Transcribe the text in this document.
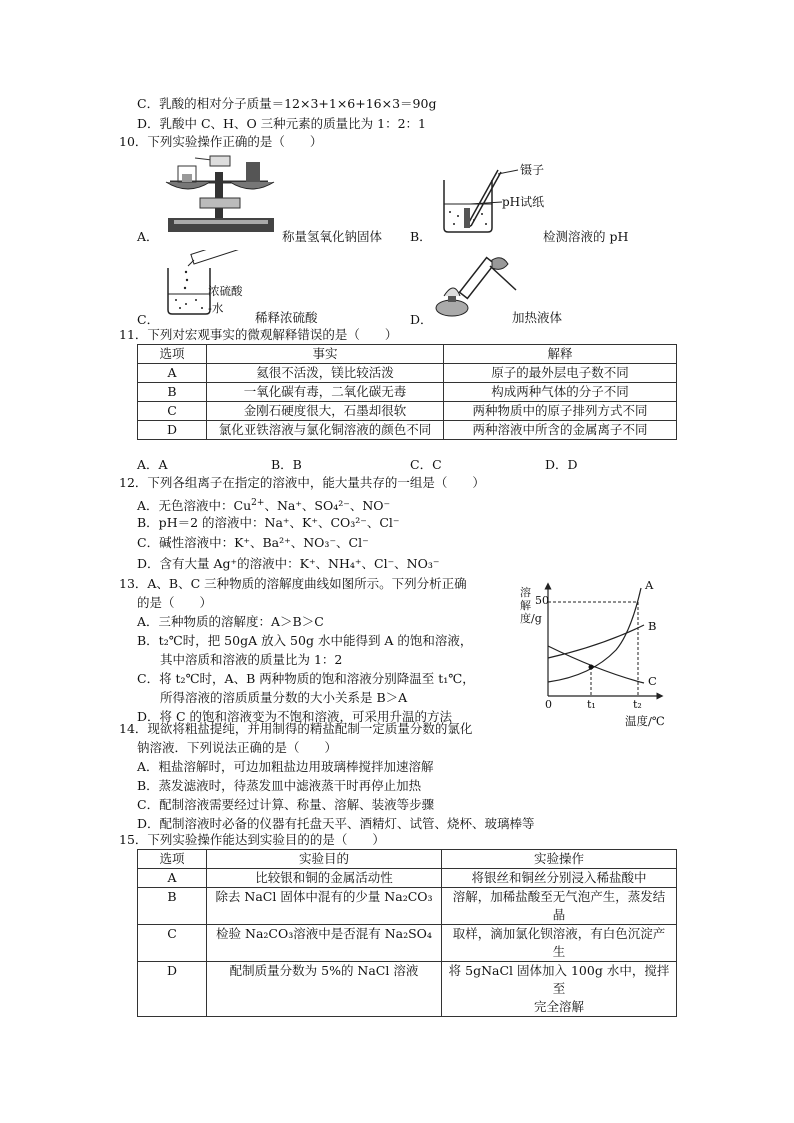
C．乳酸的相对分子质量＝12×3+1×6+16×3＝90g
D．乳酸中 C、H、O 三种元素的质量比为 1：2：1
10．下列实验操作正确的是（　　）
A．	称量氢氧化钠固体
镊子
pH试纸
B．	检测溶液的 pH
浓硫酸
-水
C．	稀释浓硫酸	D．	加热液体
11．下列对宏观事实的微观解释错误的是（　　）
选项	事实	解释
A	氦很不活泼，镁比较活泼	原子的最外层电子数不同
B	一氧化碳有毒，二氧化碳无毒	构成两种气体的分子不同
C	金刚石硬度很大，石墨却很软	两种物质中的原子排列方式不同
D	氯化亚铁溶液与氯化铜溶液的颜色不同	两种溶液中所含的金属离子不同
A．A	B．B	C．C	D．D
12．下列各组离子在指定的溶液中，能大量共存的一组是（　　）
A．无色溶液中：$Cu^{2+}$、Na⁺、SO₄²⁻、NO⁻
B．pH＝2 的溶液中：Na⁺、K⁺、CO₃²⁻、Cl⁻
C．碱性溶液中：K⁺、Ba²⁺、NO₃⁻、Cl⁻
D．含有大量 Ag⁺的溶液中：K⁺、NH₄⁺、Cl⁻、NO₃⁻
13．A、B、C 三种物质的溶解度曲线如图所示。下列分析正确
的是（　　）
A．三种物质的溶解度：A＞B＞C
B．t₂℃时，把 50gA 放入 50g 水中能得到 A 的饱和溶液，
其中溶质和溶液的质量比为 1：2
C．将 t₂℃时，A、B 两种物质的饱和溶液分别降温至 t₁℃，
所得溶液的溶质质量分数的大小关系是 B＞A
D．将 C 的饱和溶液变为不饱和溶液，可采用升温的方法
溶解度/g
50
0	t₁	t₂
温度/℃
A
B
C
14．现欲将粗盐提纯，并用制得的精盐配制一定质量分数的氯化
钠溶液．下列说法正确的是（　　）
A．粗盐溶解时，可边加粗盐边用玻璃棒搅拌加速溶解
B．蒸发滤液时，待蒸发皿中滤液蒸干时再停止加热
C．配制溶液需要经过计算、称量、溶解、装液等步骤
D．配制溶液时必备的仪器有托盘天平、酒精灯、试管、烧杯、玻璃棒等
15．下列实验操作能达到实验目的的是（　　）
选项	实验目的	实验操作
A	比较银和铜的金属活动性	将银丝和铜丝分别浸入稀盐酸中
B	除去 NaCl 固体中混有的少量 Na₂CO₃	溶解，加稀盐酸至无气泡产生，蒸发结
晶

C	检验 Na₂CO₃溶液中是否混有 Na₂SO₄	取样，滴加氯化钡溶液，有白色沉淀产
生

D	配制质量分数为 5%的 NaCl 溶液	将 5gNaCl 固体加入 100g 水中，搅拌至
完全溶解
